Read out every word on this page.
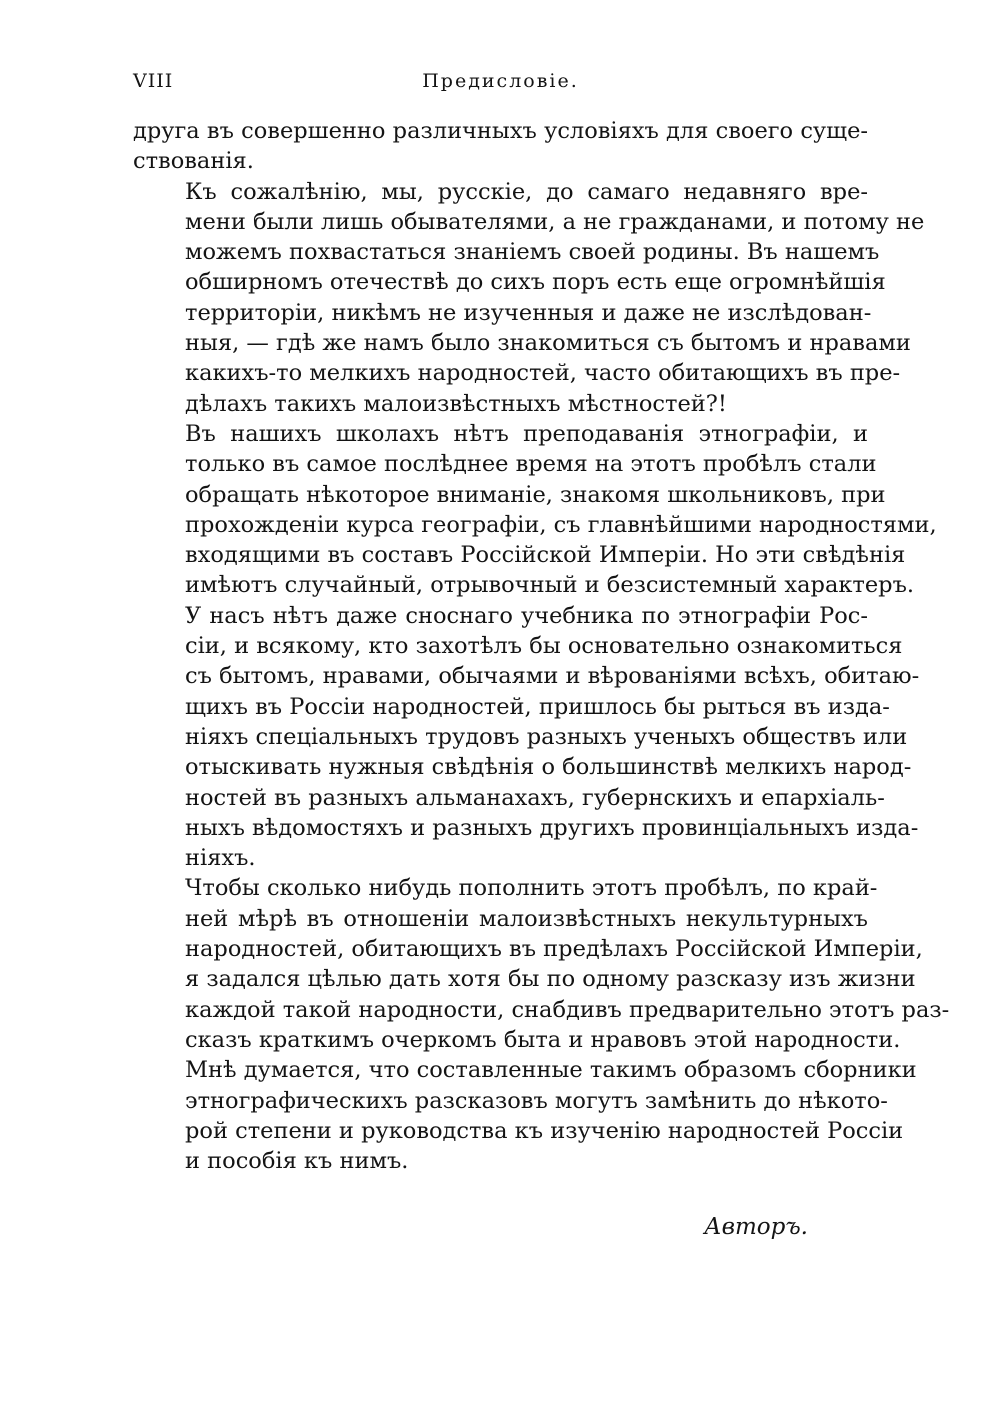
VIII	Предисловіе.

друга въ совершенно различныхъ условіяхъ для своего суще-
ствованія.

Къ сожалѣнію, мы, русскіе, до самаго недавняго вре-
мени были лишь обывателями, а не гражданами, и потому не
можемъ похвастаться знаніемъ своей родины. Въ нашемъ
обширномъ отечествѣ до сихъ поръ есть еще огромнѣйшія
территоріи, никѣмъ не изученныя и даже не изслѣдован-
ныя, — гдѣ же намъ было знакомиться съ бытомъ и нравами
какихъ-то мелкихъ народностей, часто обитающихъ въ пре-
дѣлахъ такихъ малоизвѣстныхъ мѣстностей?!

Въ нашихъ школахъ нѣтъ преподаванія этнографіи, и
только въ самое послѣднее время на этотъ пробѣлъ стали
обращать нѣкоторое вниманіе, знакомя школьниковъ, при
прохожденіи курса географіи, съ главнѣйшими народностями,
входящими въ составъ Россійской Имперіи. Но эти свѣдѣнія
имѣютъ случайный, отрывочный и безсистемный характеръ.

У насъ нѣтъ даже сноснаго учебника по этнографіи Рос-
сіи, и всякому, кто захотѣлъ бы основательно ознакомиться
съ бытомъ, нравами, обычаями и вѣрованіями всѣхъ, обитаю-
щихъ въ Россіи народностей, пришлось бы рыться въ изда-
ніяхъ спеціальныхъ трудовъ разныхъ ученыхъ обществъ или
отыскивать нужныя свѣдѣнія о большинствѣ мелкихъ народ-
ностей въ разныхъ альманахахъ, губернскихъ и епархіаль-
ныхъ вѣдомостяхъ и разныхъ другихъ провинціальныхъ изда-
ніяхъ.

Чтобы сколько нибудь пополнить этотъ пробѣлъ, по край-
ней мѣрѣ въ отношеніи малоизвѣстныхъ некультурныхъ
народностей, обитающихъ въ предѣлахъ Россійской Имперіи,
я задался цѣлью дать хотя бы по одному разсказу изъ жизни
каждой такой народности, снабдивъ предварительно этотъ раз-
сказъ краткимъ очеркомъ быта и нравовъ этой народности.
Мнѣ думается, что составленные такимъ образомъ сборники
этнографическихъ разсказовъ могутъ замѣнить до нѣкото-
рой степени и руководства къ изученію народностей Россіи
и пособія къ нимъ.

Авторъ.
